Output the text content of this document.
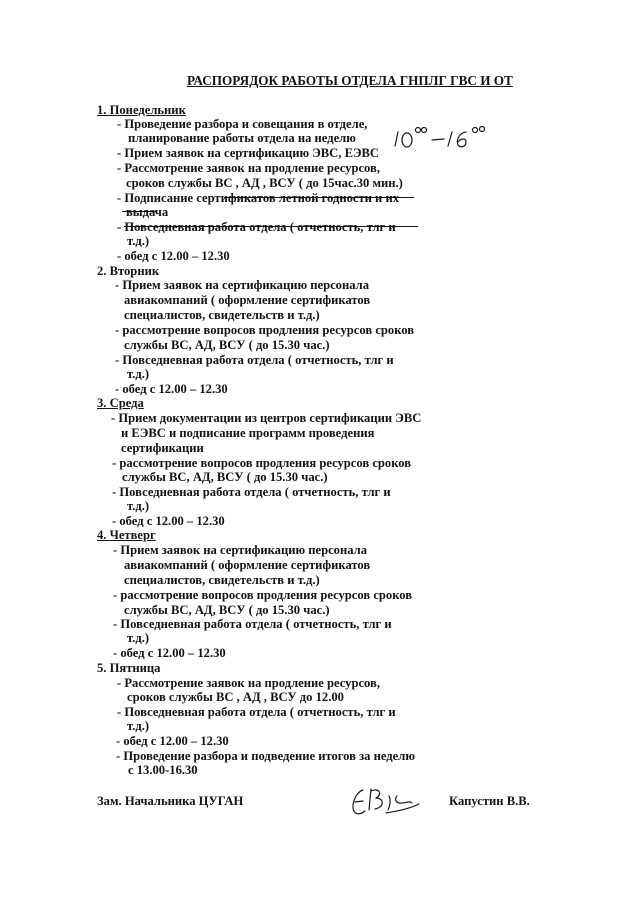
РАСПОРЯДОК РАБОТЫ ОТДЕЛА ГНПЛГ ГВС И ОТ
1. Понедельник
- Проведение разбора и совещания в отделе,
планирование работы отдела на неделю
- Прием заявок на сертификацию ЭВС, ЕЭВС
- Рассмотрение заявок на продление ресурсов,
сроков службы ВС , АД , ВСУ ( до 15час.30 мин.)
- Подписание сертификатов летной годности и их
выдача
- Повседневная работа отдела ( отчетность, тлг и
т.д.)
- обед с 12.00 – 12.30
2. Вторник
- Прием заявок на сертификацию персонала
авиакомпаний ( оформление сертификатов
специалистов, свидетельств и т.д.)
- рассмотрение вопросов продления ресурсов сроков
службы ВС, АД, ВСУ ( до 15.30 час.)
- Повседневная работа отдела ( отчетность, тлг и
т.д.)
- обед с 12.00 – 12.30
3. Среда
- Прием документации из центров сертификации ЭВС
и ЕЭВС и подписание программ проведения
сертификации
- рассмотрение вопросов продления ресурсов сроков
службы ВС, АД, ВСУ ( до 15.30 час.)
- Повседневная работа отдела ( отчетность, тлг и
т.д.)
- обед с 12.00 – 12.30
4. Четверг
- Прием заявок на сертификацию персонала
авиакомпаний ( оформление сертификатов
специалистов, свидетельств и т.д.)
- рассмотрение вопросов продления ресурсов сроков
службы ВС, АД, ВСУ ( до 15.30 час.)
- Повседневная работа отдела ( отчетность, тлг и
т.д.)
- обед с 12.00 – 12.30
5. Пятница
- Рассмотрение заявок на продление ресурсов,
сроков службы ВС , АД , ВСУ до 12.00
- Повседневная работа отдела ( отчетность, тлг и
т.д.)
- обед с 12.00 – 12.30
- Проведение разбора и подведение итогов за неделю
с 13.00-16.30
Зам. Начальника ЦУГАН	Капустин В.В.
